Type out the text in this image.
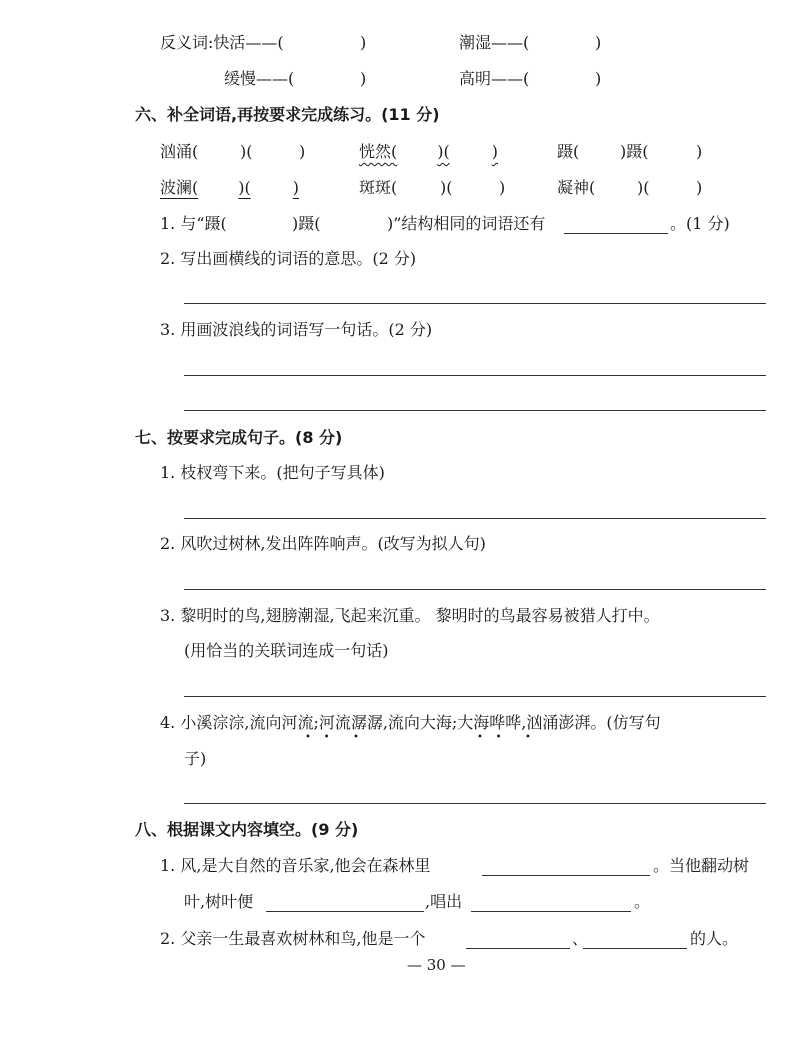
反义词:快活——(	)	潮湿——(	)
缓慢——(	)	高明——(	)
六、补全词语,再按要求完成练习。(11 分)
汹涌(	)(	)	恍然(	)(	)	蹑(	)蹑(	)
波澜(	)(	)	斑斑(	)(	)	凝神(	)(	)
1. 与“蹑(	)蹑(	)”结构相同的词语还有	。(1 分)
2. 写出画横线的词语的意思。(2 分)
3. 用画波浪线的词语写一句话。(2 分)
七、按要求完成句子。(8 分)
1. 枝杈弯下来。(把句子写具体)
2. 风吹过树林,发出阵阵响声。(改写为拟人句)
3. 黎明时的鸟,翅膀潮湿,飞起来沉重。 黎明时的鸟最容易被猎人打中。
(用恰当的关联词连成一句话)
4. 小溪淙淙,流向河流;河流潺潺,流向大海;大海哗哗,汹涌澎湃。(仿写句
•    • •	•    • •
子)
八、根据课文内容填空。(9 分)
1. 风,是大自然的音乐家,他会在森林里	。当他翻动树
叶,树叶便	,唱出	。
2. 父亲一生最喜欢树林和鸟,他是一个	、	的人。
— 30 —
